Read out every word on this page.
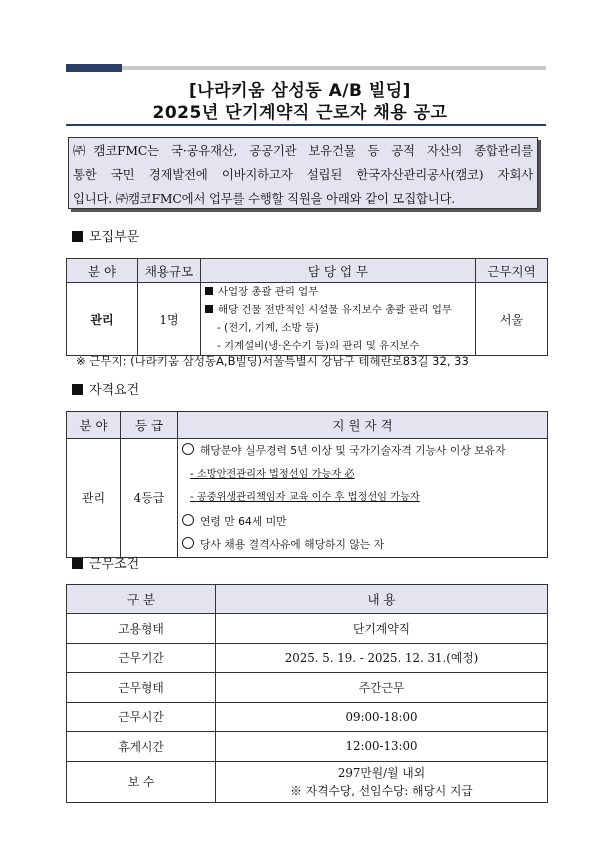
[나라키움 삼성동 A/B 빌딩]
2025년 단기계약직 근로자 채용 공고
㈜캠코FMC는 국·공유재산, 공공기관 보유건물 등 공적 자산의 종합관리를
통한 국민 경제발전에 이바지하고자 설립된 한국자산관리공사(캠코) 자회사
입니다. ㈜캠코FMC에서 업무를 수행할 직원을 아래와 같이 모집합니다.
모집부문
분 야	채용규모	담 당 업 무	근무지역
관리	1명	사업장 총괄 관리 업무
해당 건물 전반적인 시설물 유지보수 총괄 관리 업무
- (전기, 기계, 소방 등)
- 기계설비(냉·온수기 등)의 관리 및 유지보수	서울
※ 근무지: (나라키움 삼성동A,B빌딩)서울특별시 강남구 테헤란로83길 32, 33
자격요건
분 야	등 급	지 원 자 격
관리	4등급	해당분야 실무경력 5년 이상 및 국가기술자격 기능사 이상 보유자
- 소방안전관리자 법정선임 가능자 必
- 공중위생관리책임자 교육 이수 후 법정선임 가능자
연령 만 64세 미만
당사 채용 결격사유에 해당하지 않는 자
근무조건
구 분	내 용
고용형태	단기계약직
근무기간	2025. 5. 19. - 2025. 12. 31.(예정)
근무형태	주간근무
근무시간	09:00-18:00
휴게시간	12:00-13:00
보 수	297만원/월 내외
※ 자격수당, 선임수당: 해당시 지급
